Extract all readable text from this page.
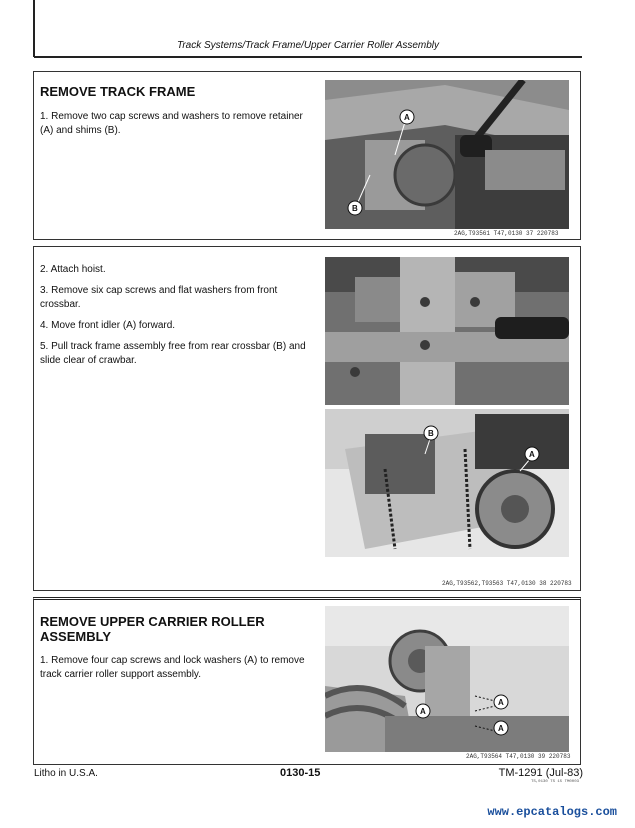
Track Systems/Track Frame/Upper Carrier Roller Assembly
REMOVE TRACK FRAME

1. Remove two cap screws and washers to remove retainer (A) and shims (B).

A
B
2AG,T93561 T47,0130 37 220783

2. Attach hoist.

3. Remove six cap screws and flat washers from front crossbar.

4. Move front idler (A) forward.

5. Pull track frame assembly free from rear crossbar (B) and slide clear of crawbar.

B
A
2AG,T93562,T93563 T47,0130 38 220783
REMOVE UPPER CARRIER ROLLER ASSEMBLY

1. Remove four cap screws and lock washers (A) to remove track carrier roller support assembly.

A
A
A
2AG,T93564 T47,0130 39 220783
Litho in U.S.A.	0130-15	TM-1291 (Jul-83)
TS,0130 TS 15 TM0003
www.epcatalogs.com
